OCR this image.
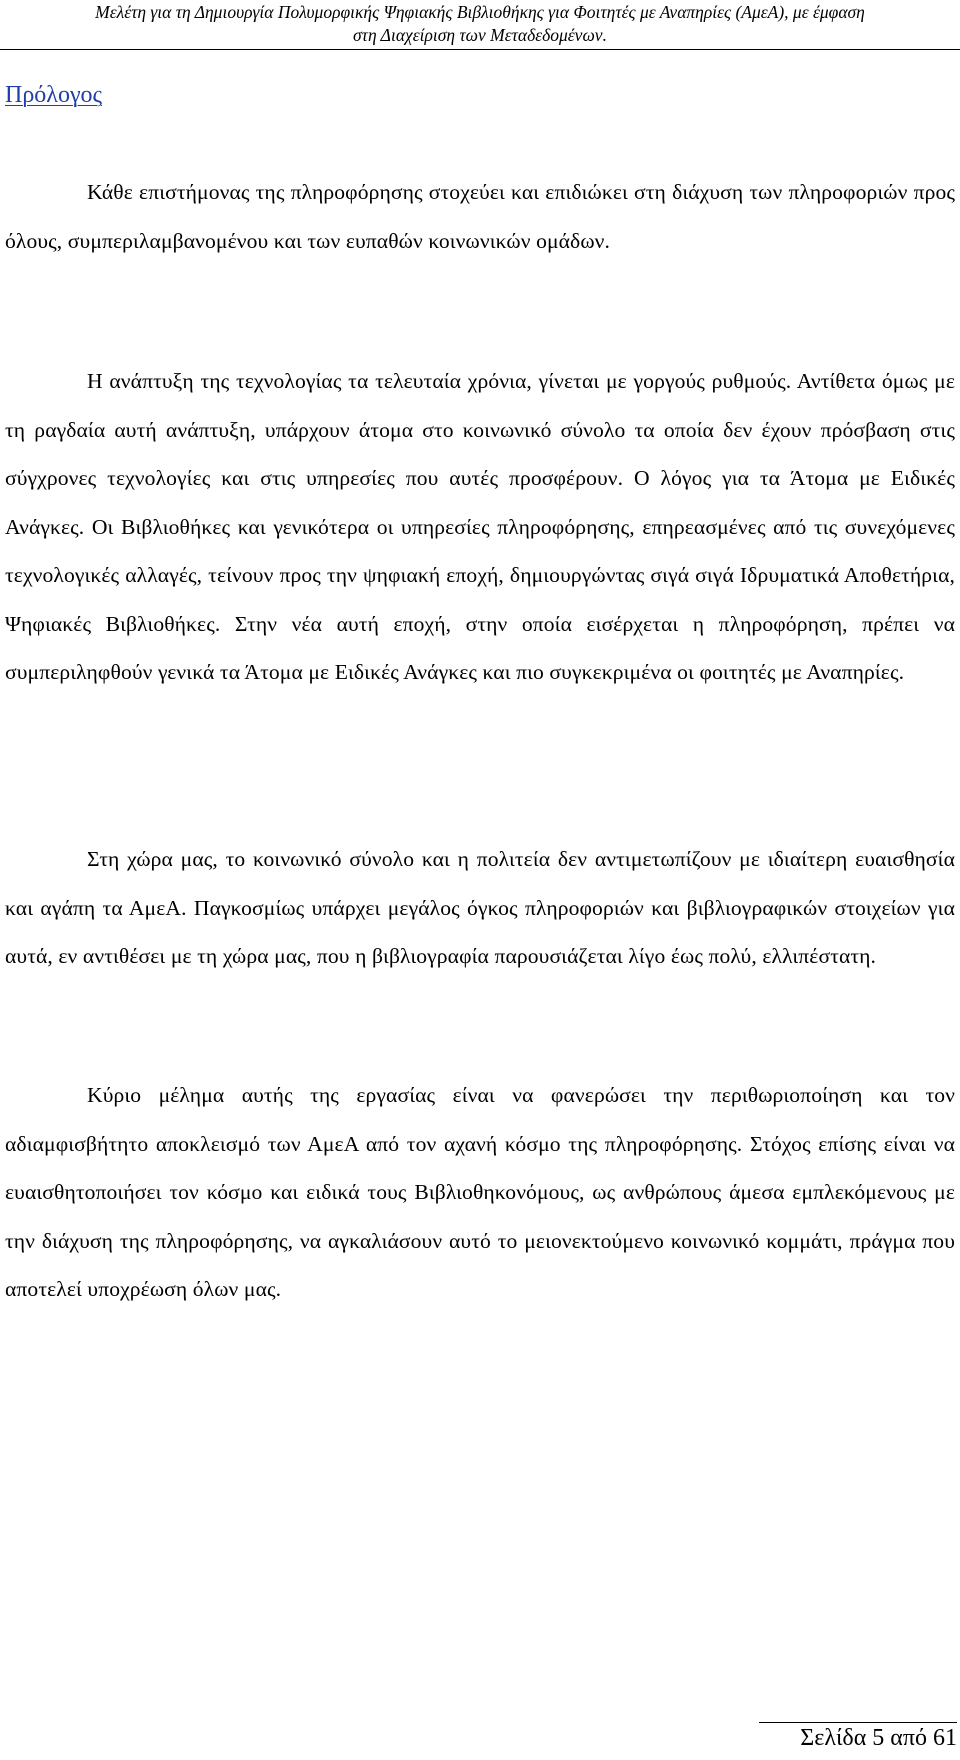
Μελέτη για τη Δημιουργία Πολυμορφικής Ψηφιακής Βιβλιοθήκης για Φοιτητές με Αναπηρίες (ΑμεΑ), με έμφαση
στη Διαχείριση των Μεταδεδομένων.
Πρόλογος

Κάθε επιστήμονας της πληροφόρησης στοχεύει και επιδιώκει στη διάχυση των πληροφοριών προς όλους, συμπεριλαμβανομένου και των ευπαθών κοινωνικών ομάδων.

Η ανάπτυξη της τεχνολογίας τα τελευταία χρόνια, γίνεται με γοργούς ρυθμούς. Αντίθετα όμως με τη ραγδαία αυτή ανάπτυξη, υπάρχουν άτομα στο κοινωνικό σύνολο τα οποία δεν έχουν πρόσβαση στις σύγχρονες τεχνολογίες και στις υπηρεσίες που αυτές προσφέρουν. Ο λόγος για τα Άτομα με Ειδικές Ανάγκες. Οι Βιβλιοθήκες και γενικότερα οι υπηρεσίες πληροφόρησης, επηρεασμένες από τις συνεχόμενες τεχνολογικές αλλαγές, τείνουν προς την ψηφιακή εποχή, δημιουργώντας σιγά σιγά Ιδρυματικά Αποθετήρια, Ψηφιακές Βιβλιοθήκες. Στην νέα αυτή εποχή, στην οποία εισέρχεται η πληροφόρηση, πρέπει να συμπεριληφθούν γενικά τα Άτομα με Ειδικές Ανάγκες και πιο συγκεκριμένα οι φοιτητές με Αναπηρίες.

Στη χώρα μας, το κοινωνικό σύνολο και η πολιτεία δεν αντιμετωπίζουν με ιδιαίτερη ευαισθησία και αγάπη τα ΑμεΑ. Παγκοσμίως υπάρχει μεγάλος όγκος πληροφοριών και βιβλιογραφικών στοιχείων για αυτά, εν αντιθέσει με τη χώρα μας, που η βιβλιογραφία παρουσιάζεται λίγο έως πολύ, ελλιπέστατη.

Κύριο μέλημα αυτής της εργασίας είναι να φανερώσει την περιθωριοποίηση και τον αδιαμφισβήτητο αποκλεισμό των ΑμεΑ από τον αχανή κόσμο της πληροφόρησης. Στόχος επίσης είναι να ευαισθητοποιήσει τον κόσμο και ειδικά τους Βιβλιοθηκονόμους, ως ανθρώπους άμεσα εμπλεκόμενους με την διάχυση της πληροφόρησης, να αγκαλιάσουν αυτό το μειονεκτούμενο κοινωνικό κομμάτι, πράγμα που αποτελεί υποχρέωση όλων μας.

Σελίδα 5 από 61
